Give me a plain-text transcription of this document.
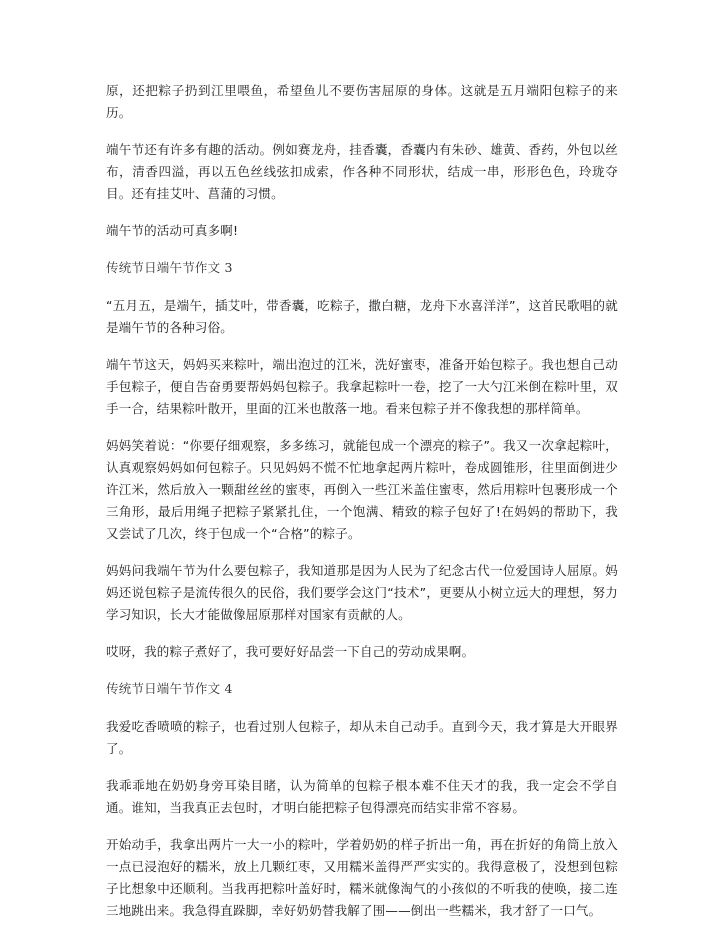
原，还把粽子扔到江里喂鱼，希望鱼儿不要伤害屈原的身体。这就是五月端阳包粽子的来历。

端午节还有许多有趣的活动。例如赛龙舟，挂香囊，香囊内有朱砂、雄黄、香药，外包以丝布，清香四溢，再以五色丝线弦扣成索，作各种不同形状，结成一串，形形色色，玲珑夺目。还有挂艾叶、菖蒲的习惯。

端午节的活动可真多啊!

传统节日端午节作文 3

“五月五，是端午，插艾叶，带香囊，吃粽子，撒白糖，龙舟下水喜洋洋”，这首民歌唱的就是端午节的各种习俗。

端午节这天，妈妈买来粽叶，端出泡过的江米，洗好蜜枣，准备开始包粽子。我也想自己动手包粽子，便自告奋勇要帮妈妈包粽子。我拿起粽叶一卷，挖了一大勺江米倒在粽叶里，双手一合，结果粽叶散开，里面的江米也散落一地。看来包粽子并不像我想的那样简单。

妈妈笑着说：“你要仔细观察，多多练习，就能包成一个漂亮的粽子”。我又一次拿起粽叶，认真观察妈妈如何包粽子。只见妈妈不慌不忙地拿起两片粽叶，卷成圆锥形，往里面倒进少许江米，然后放入一颗甜丝丝的蜜枣，再倒入一些江米盖住蜜枣，然后用粽叶包裹形成一个三角形，最后用绳子把粽子紧紧扎住，一个饱满、精致的粽子包好了!在妈妈的帮助下，我又尝试了几次，终于包成一个“合格”的粽子。

妈妈问我端午节为什么要包粽子，我知道那是因为人民为了纪念古代一位爱国诗人屈原。妈妈还说包粽子是流传很久的民俗，我们要学会这门“技术”，更要从小树立远大的理想，努力学习知识，长大才能做像屈原那样对国家有贡献的人。

哎呀，我的粽子煮好了，我可要好好品尝一下自己的劳动成果啊。

传统节日端午节作文 4

我爱吃香喷喷的粽子，也看过别人包粽子，却从未自己动手。直到今天，我才算是大开眼界了。

我乖乖地在奶奶身旁耳染目睹，认为简单的包粽子根本难不住天才的我，我一定会不学自通。谁知，当我真正去包时，才明白能把粽子包得漂亮而结实非常不容易。

开始动手，我拿出两片一大一小的粽叶，学着奶奶的样子折出一角，再在折好的角筒上放入一点已浸泡好的糯米，放上几颗红枣，又用糯米盖得严严实实的。我得意极了，没想到包粽子比想象中还顺利。当我再把粽叶盖好时，糯米就像淘气的小孩似的不听我的使唤，接二连三地跳出来。我急得直跺脚，幸好奶奶替我解了围——倒出一些糯米，我才舒了一口气。
